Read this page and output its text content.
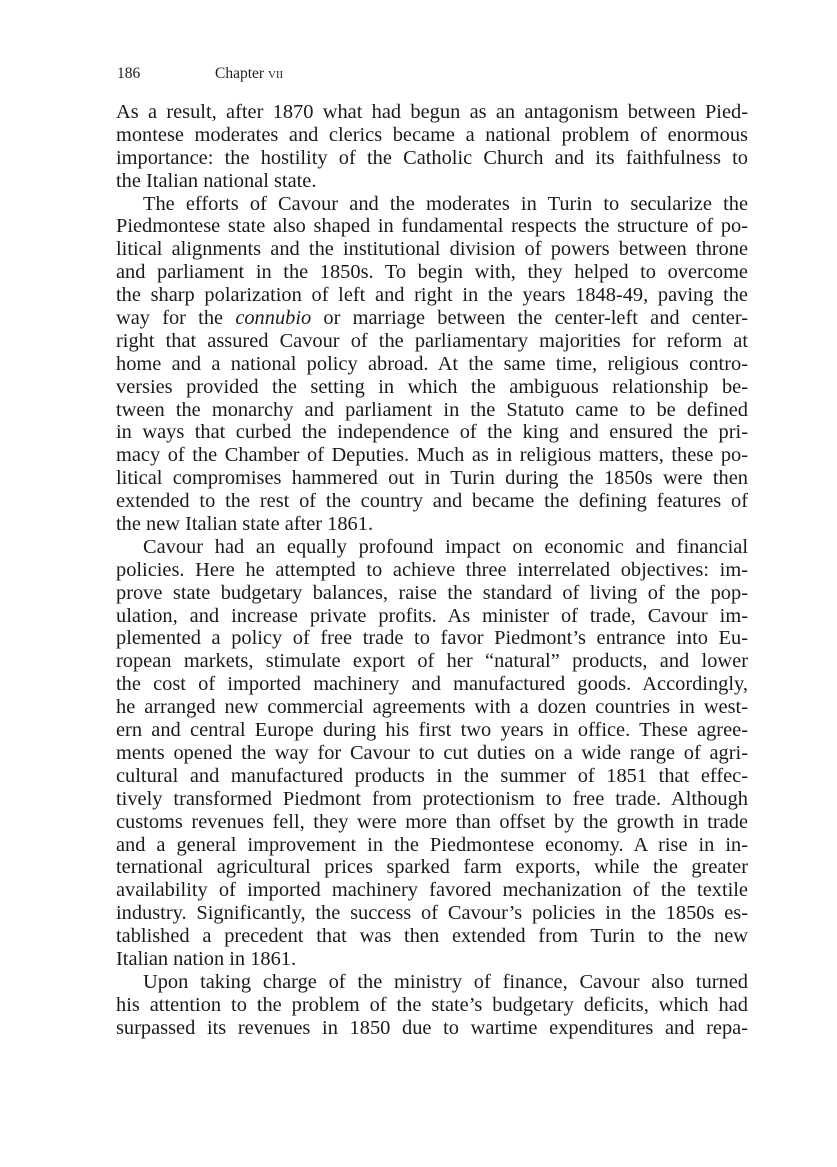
186	Chapter vii
As a result, after 1870 what had begun as an antagonism between Pied-
montese moderates and clerics became a national problem of enormous
importance: the hostility of the Catholic Church and its faithfulness to
the Italian national state.
The efforts of Cavour and the moderates in Turin to secularize the
Piedmontese state also shaped in fundamental respects the structure of po-
litical alignments and the institutional division of powers between throne
and parliament in the 1850s. To begin with, they helped to overcome
the sharp polarization of left and right in the years 1848-49, paving the
way for the connubio or marriage between the center-left and center-
right that assured Cavour of the parliamentary majorities for reform at
home and a national policy abroad. At the same time, religious contro-
versies provided the setting in which the ambiguous relationship be-
tween the monarchy and parliament in the Statuto came to be defined
in ways that curbed the independence of the king and ensured the pri-
macy of the Chamber of Deputies. Much as in religious matters, these po-
litical compromises hammered out in Turin during the 1850s were then
extended to the rest of the country and became the defining features of
the new Italian state after 1861.
Cavour had an equally profound impact on economic and financial
policies. Here he attempted to achieve three interrelated objectives: im-
prove state budgetary balances, raise the standard of living of the pop-
ulation, and increase private profits. As minister of trade, Cavour im-
plemented a policy of free trade to favor Piedmont’s entrance into Eu-
ropean markets, stimulate export of her “natural” products, and lower
the cost of imported machinery and manufactured goods. Accordingly,
he arranged new commercial agreements with a dozen countries in west-
ern and central Europe during his first two years in office. These agree-
ments opened the way for Cavour to cut duties on a wide range of agri-
cultural and manufactured products in the summer of 1851 that effec-
tively transformed Piedmont from protectionism to free trade. Although
customs revenues fell, they were more than offset by the growth in trade
and a general improvement in the Piedmontese economy. A rise in in-
ternational agricultural prices sparked farm exports, while the greater
availability of imported machinery favored mechanization of the textile
industry. Significantly, the success of Cavour’s policies in the 1850s es-
tablished a precedent that was then extended from Turin to the new
Italian nation in 1861.
Upon taking charge of the ministry of finance, Cavour also turned
his attention to the problem of the state’s budgetary deficits, which had
surpassed its revenues in 1850 due to wartime expenditures and repa-
